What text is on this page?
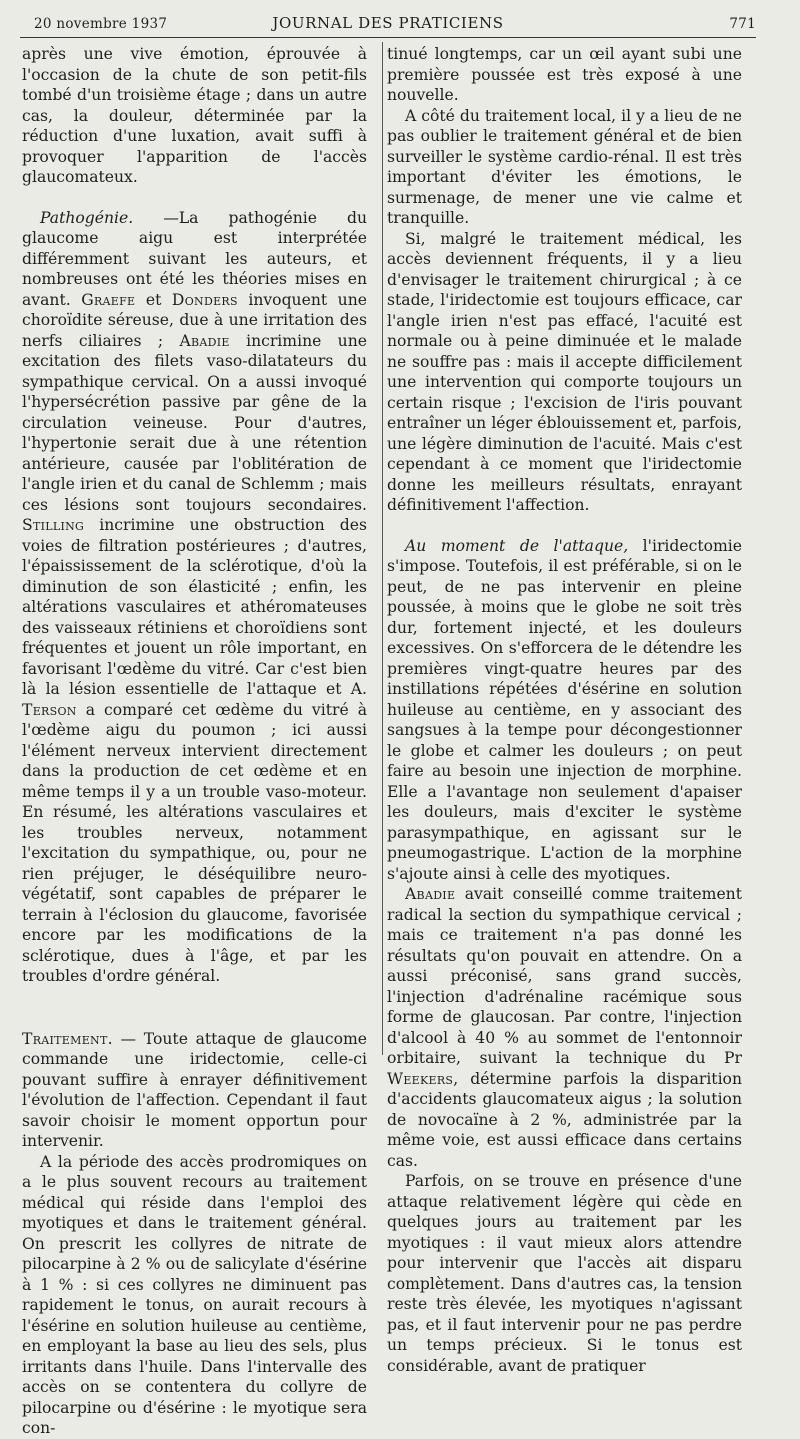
20 novembre 1937	JOURNAL DES PRATICIENS	771

après une vive émotion, éprouvée à l'occasion de la chute de son petit-fils tombé d'un troisième étage ; dans un autre cas, la douleur, déterminée par la réduction d'une luxation, avait suffi à provoquer l'apparition de l'accès glaucomateux.

Pathogénie. —La pathogénie du glaucome aigu est interprétée différemment suivant les auteurs, et nombreuses ont été les théories mises en avant. Graefe et Donders invoquent une choroïdite séreuse, due à une irritation des nerfs ciliaires ; Abadie incrimine une excitation des filets vaso-dilatateurs du sympathique cervical. On a aussi invoqué l'hypersécrétion passive par gêne de la circulation veineuse. Pour d'autres, l'hypertonie serait due à une rétention antérieure, causée par l'oblitération de l'angle irien et du canal de Schlemm ; mais ces lésions sont toujours secondaires. Stilling incrimine une obstruction des voies de filtration postérieures ; d'autres, l'épaississement de la sclérotique, d'où la diminution de son élasticité ; enfin, les altérations vasculaires et athéromateuses des vaisseaux rétiniens et choroïdiens sont fréquentes et jouent un rôle important, en favorisant l'œdème du vitré. Car c'est bien là la lésion essentielle de l'attaque et A. Terson a comparé cet œdème du vitré à l'œdème aigu du poumon ; ici aussi l'élément nerveux intervient directement dans la production de cet œdème et en même temps il y a un trouble vaso-moteur. En résumé, les altérations vasculaires et les troubles nerveux, notamment l'excitation du sympathique, ou, pour ne rien préjuger, le déséquilibre neuro-végétatif, sont capables de préparer le terrain à l'éclosion du glaucome, favorisée encore par les modifications de la sclérotique, dues à l'âge, et par les troubles d'ordre général.

Traitement. — Toute attaque de glaucome commande une iridectomie, celle-ci pouvant suffire à enrayer définitivement l'évolution de l'affection. Cependant il faut savoir choisir le moment opportun pour intervenir.

A la période des accès prodromiques on a le plus souvent recours au traitement médical qui réside dans l'emploi des myotiques et dans le traitement général. On prescrit les collyres de nitrate de pilocarpine à 2 % ou de salicylate d'ésérine à 1 % : si ces collyres ne diminuent pas rapidement le tonus, on aurait recours à l'ésérine en solution huileuse au centième, en employant la base au lieu des sels, plus irritants dans l'huile. Dans l'intervalle des accès on se contentera du collyre de pilocarpine ou d'ésérine : le myotique sera con-

tinué longtemps, car un œil ayant subi une première poussée est très exposé à une nouvelle.

A côté du traitement local, il y a lieu de ne pas oublier le traitement général et de bien surveiller le système cardio-rénal. Il est très important d'éviter les émotions, le surmenage, de mener une vie calme et tranquille.

Si, malgré le traitement médical, les accès deviennent fréquents, il y a lieu d'envisager le traitement chirurgical ; à ce stade, l'iridectomie est toujours efficace, car l'angle irien n'est pas effacé, l'acuité est normale ou à peine diminuée et le malade ne souffre pas : mais il accepte difficilement une intervention qui comporte toujours un certain risque ; l'excision de l'iris pouvant entraîner un léger éblouissement et, parfois, une légère diminution de l'acuité. Mais c'est cependant à ce moment que l'iridectomie donne les meilleurs résultats, enrayant définitivement l'affection.

Au moment de l'attaque, l'iridectomie s'impose. Toutefois, il est préférable, si on le peut, de ne pas intervenir en pleine poussée, à moins que le globe ne soit très dur, fortement injecté, et les douleurs excessives. On s'efforcera de le détendre les premières vingt-quatre heures par des instillations répétées d'ésérine en solution huileuse au centième, en y associant des sangsues à la tempe pour décongestionner le globe et calmer les douleurs ; on peut faire au besoin une injection de morphine. Elle a l'avantage non seulement d'apaiser les douleurs, mais d'exciter le système parasympathique, en agissant sur le pneumogastrique. L'action de la morphine s'ajoute ainsi à celle des myotiques.

Abadie avait conseillé comme traitement radical la section du sympathique cervical ; mais ce traitement n'a pas donné les résultats qu'on pouvait en attendre. On a aussi préconisé, sans grand succès, l'injection d'adrénaline racémique sous forme de glaucosan. Par contre, l'injection d'alcool à 40 % au sommet de l'entonnoir orbitaire, suivant la technique du Pr Weekers, détermine parfois la disparition d'accidents glaucomateux aigus ; la solution de novocaïne à 2 %, administrée par la même voie, est aussi efficace dans certains cas.

Parfois, on se trouve en présence d'une attaque relativement légère qui cède en quelques jours au traitement par les myotiques : il vaut mieux alors attendre pour intervenir que l'accès ait disparu complètement. Dans d'autres cas, la tension reste très élevée, les myotiques n'agissant pas, et il faut intervenir pour ne pas perdre un temps précieux. Si le tonus est considérable, avant de pratiquer
